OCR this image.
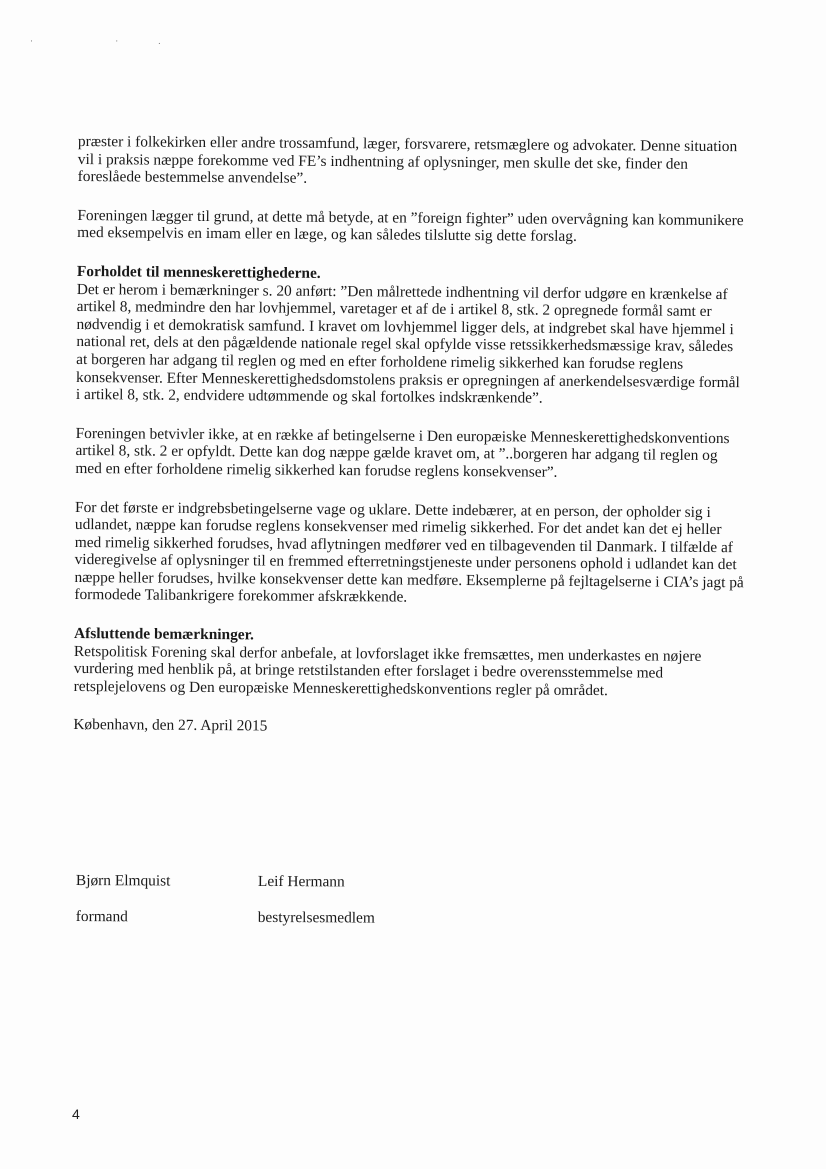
· ·.

præster i folkekirken eller andre trossamfund, læger, forsvarere, retsmæglere og advokater. Denne situation vil i praksis næppe forekomme ved FE’s indhentning af oplysninger, men skulle det ske, finder den foreslåede bestemmelse anvendelse”.

Foreningen lægger til grund, at dette må betyde, at en ”foreign fighter” uden overvågning kan kommunikere med eksempelvis en imam eller en læge, og kan således tilslutte sig dette forslag.

Forholdet til menneskerettighederne.
Det er herom i bemærkninger s. 20 anført: ”Den målrettede indhentning vil derfor udgøre en krænkelse af artikel 8, medmindre den har lovhjemmel, varetager et af de i artikel 8, stk. 2 opregnede formål samt er nødvendig i et demokratisk samfund. I kravet om lovhjemmel ligger dels, at indgrebet skal have hjemmel i national ret, dels at den pågældende nationale regel skal opfylde visse retssikkerhedsmæssige krav, således at borgeren har adgang til reglen og med en efter forholdene rimelig sikkerhed kan forudse reglens konsekvenser. Efter Menneskerettighedsdomstolens praksis er opregningen af anerkendelsesværdige formål i artikel 8, stk. 2, endvidere udtømmende og skal fortolkes indskrænkende”.

Foreningen betvivler ikke, at en række af betingelserne i Den europæiske Menneskerettighedskonventions artikel 8, stk. 2 er opfyldt. Dette kan dog næppe gælde kravet om, at ”..borgeren har adgang til reglen og med en efter forholdene rimelig sikkerhed kan forudse reglens konsekvenser”.

For det første er indgrebsbetingelserne vage og uklare. Dette indebærer, at en person, der opholder sig i udlandet, næppe kan forudse reglens konsekvenser med rimelig sikkerhed. For det andet kan det ej heller med rimelig sikkerhed forudses, hvad aflytningen medfører ved en tilbagevenden til Danmark. I tilfælde af videregivelse af oplysninger til en fremmed efterretningstjeneste under personens ophold i udlandet kan det næppe heller forudses, hvilke konsekvenser dette kan medføre. Eksemplerne på fejltagelserne i CIA’s jagt på formodede Talibankrigere forekommer afskrækkende.

Afsluttende bemærkninger.
Retspolitisk Forening skal derfor anbefale, at lovforslaget ikke fremsættes, men underkastes en nøjere vurdering med henblik på, at bringe retstilstanden efter forslaget i bedre overensstemmelse med retsplejelovens og Den europæiske Menneskerettighedskonventions regler på området.

København, den 27. April 2015

Bjørn Elmquist
formand
Leif Hermann
bestyrelsesmedlem
4
